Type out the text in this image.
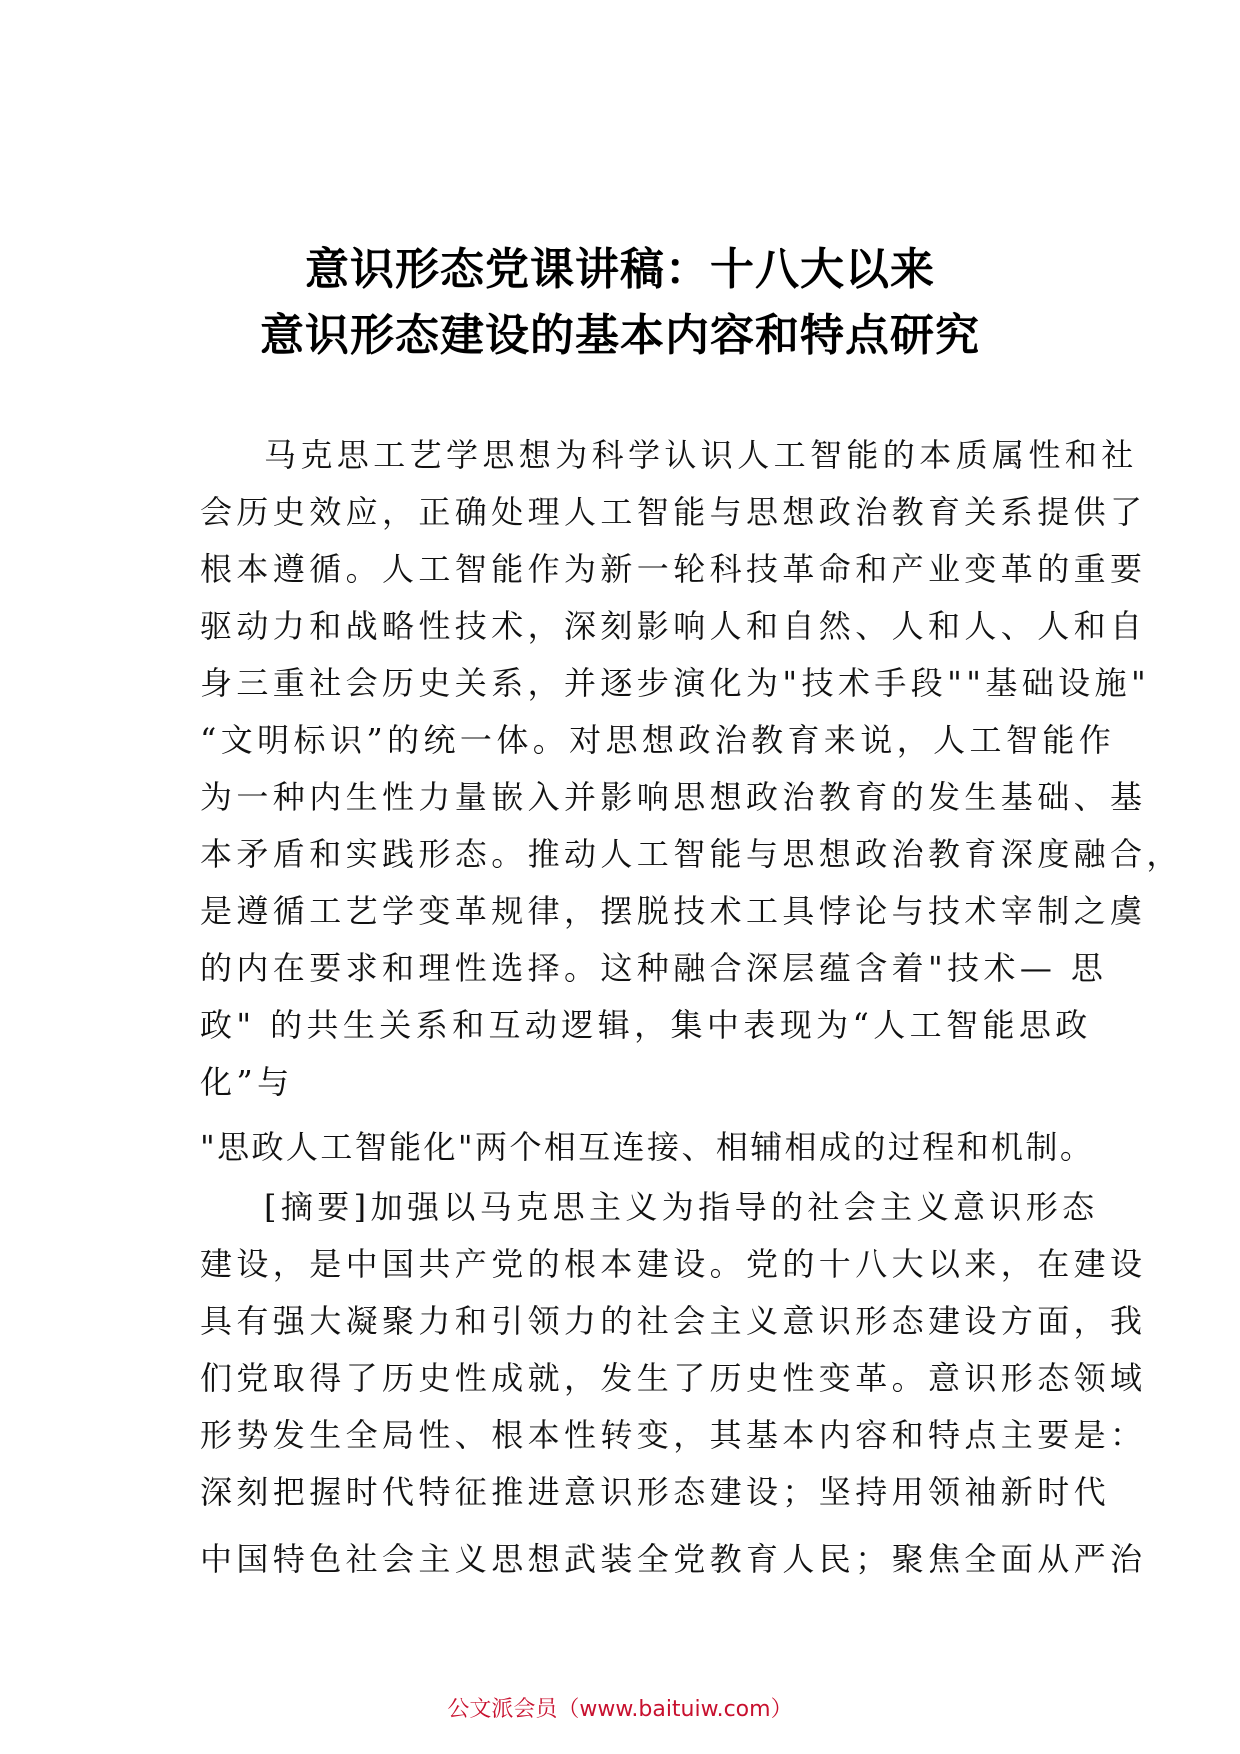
意识形态党课讲稿：十八大以来
意识形态建设的基本内容和特点研究
马克思工艺学思想为科学认识人工智能的本质属性和社
会历史效应，正确处理人工智能与思想政治教育关系提供了
根本遵循。人工智能作为新一轮科技革命和产业变革的重要
驱动力和战略性技术，深刻影响人和自然、人和人、人和自
身三重社会历史关系，并逐步演化为"技术手段""基础设施"
“文明标识”的统一体。对思想政治教育来说，人工智能作
为一种内生性力量嵌入并影响思想政治教育的发生基础、基
本矛盾和实践形态。推动人工智能与思想政治教育深度融合，
是遵循工艺学变革规律，摆脱技术工具悖论与技术宰制之虞
的内在要求和理性选择。这种融合深层蕴含着"技术— 思
政" 的共生关系和互动逻辑，集中表现为“人工智能思政
化”与
"思政人工智能化"两个相互连接、相辅相成的过程和机制。
[摘要]加强以马克思主义为指导的社会主义意识形态
建设，是中国共产党的根本建设。党的十八大以来，在建设
具有强大凝聚力和引领力的社会主义意识形态建设方面，我
们党取得了历史性成就，发生了历史性变革。意识形态领域
形势发生全局性、根本性转变，其基本内容和特点主要是：
深刻把握时代特征推进意识形态建设；坚持用领袖新时代
中国特色社会主义思想武装全党教育人民；聚焦全面从严治
公文派会员（www.baituiw.com）
